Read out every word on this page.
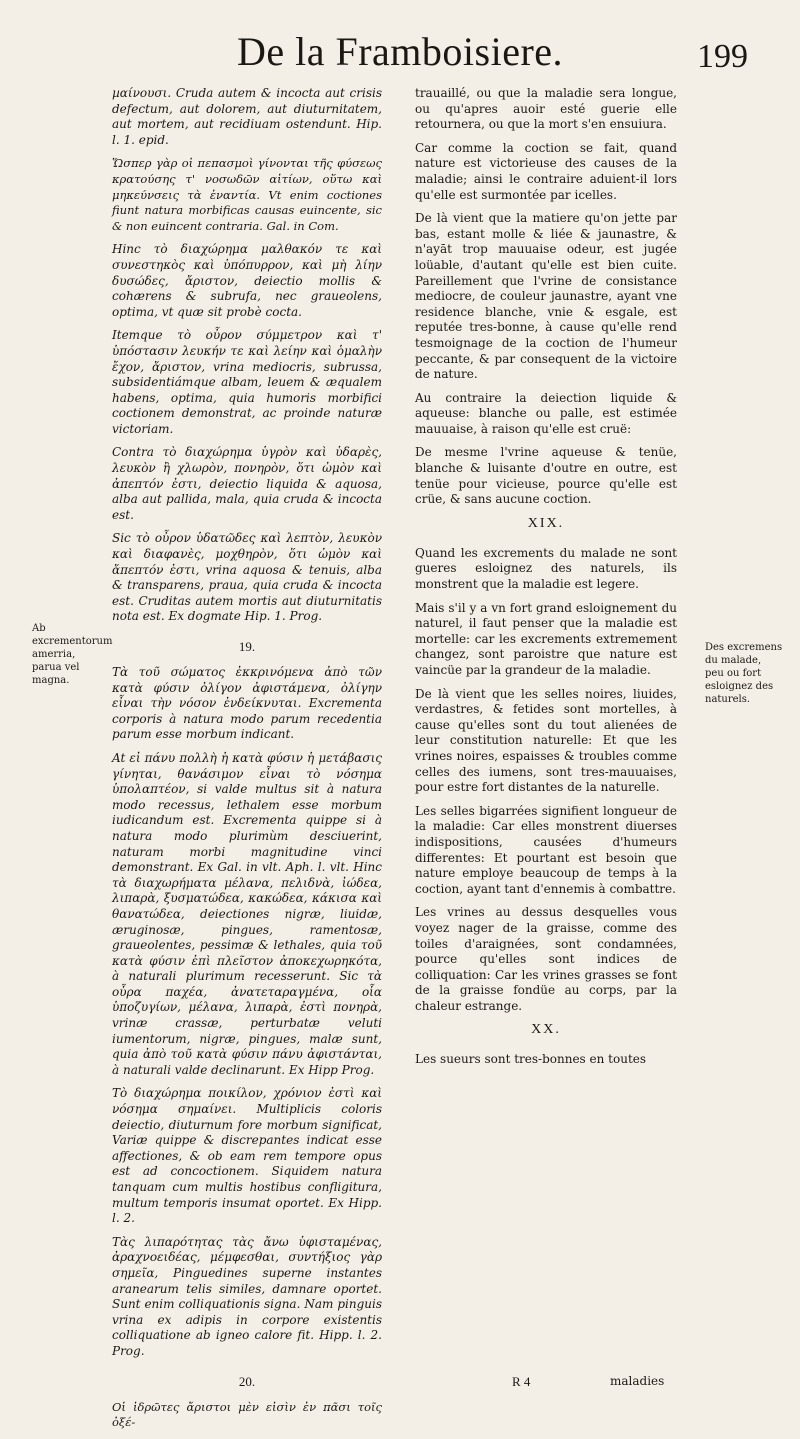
De la Framboisiere.	199
Ab excrementorum amerria, parua vel magna.

µαίνουσι. Cruda autem & incocta aut crisis defectum, aut dolorem, aut diuturnitatem, aut mortem, aut recidiuam ostendunt. Hip. l. 1. epid.

Ὥσπερ γὰρ οἱ πεπασμοὶ γίνονται τῆς φύσεως κρατούσης τ' νοσωδῶν αἰτίων, οὕτω καὶ μηκεύνσεις τὰ ἐναντία. Vt enim coctiones fiunt natura morbificas causas euincente, sic & non euincent contraria. Gal. in Com.

Hinc τὸ διαχώρημα μαλθακόν τε καὶ συνεστηκὸς καὶ ὑπόπυρρον, καὶ μὴ λίην δυσώδες, ἄριστον, deiectio mollis & cohærens & subrufa, nec graueolens, optima, vt quæ sit probè cocta.

Itemque τὸ οὖρον σύμμετρον καὶ τ' ὑπόστασιν λευκήν τε καὶ λείην καὶ ὁμαλὴν ἔχον, ἄριστον, vrina mediocris, subrussa, subsidentiámque albam, leuem & æqualem habens, optima, quia humoris morbifici coctionem demonstrat, ac proinde naturæ victoriam.

Contra τὸ διαχώρημα ὑγρὸν καὶ ὑδαρὲς, λευκὸν ἢ χλωρὸν, πονηρὸν, ὅτι ὠμὸν καὶ ἀπεπτόν ἐστι, deiectio liquida & aquosa, alba aut pallida, mala, quia cruda & incocta est.

Sic τὸ οὖρον ὑδατῶδες καὶ λεπτὸν, λευκὸν καὶ διαφανὲς, μοχθηρὸν, ὅτι ὠμὸν καὶ ἄπεπτόν ἐστι, vrina aquosa & tenuis, alba & transparens, praua, quia cruda & incocta est. Cruditas autem mortis aut diuturnitatis nota est. Ex dogmate Hip. 1. Prog.

19.

Τὰ τοῦ σώματος ἐκκρινόμενα ἀπὸ τῶν κατὰ φύσιν ὀλίγον ἀφιστάμενα, ὀλίγην εἶναι τὴν νόσον ἐνδείκνυται. Excrementa corporis à natura modo parum recedentia parum esse morbum indicant.

At εἰ πάνυ πολλὴ ἡ κατὰ φύσιν ἡ μετάβασις γίνηται, θανάσιμον εἶναι τὸ νόσημα ὑπολαπτέον, si valde multus sit à natura modo recessus, lethalem esse morbum iudicandum est. Excrementa quippe si à natura modo plurimùm desciuerint, naturam morbi magnitudine vinci demonstrant. Ex Gal. in vlt. Aph. l. vlt. Hinc τὰ διαχωρήματα μέλανα, πελιδνὰ, ἰώδεα, λιπαρὰ, ξυσματώδεα, κακώδεα, κάκισα καὶ θανατώδεα, deiectiones nigræ, liuidæ, æruginosæ, pingues, ramentosæ, graueolentes, pessimæ & lethales, quia τοῦ κατὰ φύσιν ἐπὶ πλεῖστον ἀποκεχωρηκότα, à naturali plurimum recesserunt. Sic τὰ οὖρα παχέα, ἀνατεταραγμένα, οἷα ὑποζυγίων, μέλανα, λιπαρὰ, ἐστὶ πονηρὰ, vrinæ crassæ, perturbatæ veluti iumentorum, nigræ, pingues, malæ sunt, quia ἀπὸ τοῦ κατὰ φύσιν πάνυ ἀφιστάνται, à naturali valde declinarunt. Ex Hipp Prog.

Τὸ διαχώρημα ποικίλον, χρόνιον ἐστὶ καὶ νόσημα σημαίνει. Multiplicis coloris deiectio, diuturnum fore morbum significat, Variæ quippe & discrepantes indicat esse affectiones, & ob eam rem tempore opus est ad concoctionem. Siquidem natura tanquam cum multis hostibus confligitura, multum temporis insumat oportet. Ex Hipp. l. 2.

Τὰς λιπαρότητας τὰς ἄνω ὑφισταμένας, ἀραχνοειδέας, μέμφεσθαι, συντήξιος γὰρ σημεῖα, Pinguedines superne instantes aranearum telis similes, damnare oportet. Sunt enim colliquationis signa. Nam pinguis vrina ex adipis in corpore existentis colliquatione ab igneo calore fit. Hipp. l. 2. Prog.

20.

Οἱ ἱδρῶτες ἄριστοι μὲν εἰσὶν ἐν πᾶσι τοῖς ὀξέ-

trauaillé, ou que la maladie sera longue, ou qu'apres auoir esté guerie elle retournera, ou que la mort s'en ensuiura.

Car comme la coction se fait, quand nature est victorieuse des causes de la maladie; ainsi le contraire aduient-il lors qu'elle est surmontée par icelles.

De là vient que la matiere qu'on jette par bas, estant molle & liée & jaunastre, & n'ayāt trop mauuaise odeur, est jugée loüable, d'autant qu'elle est bien cuite. Pareillement que l'vrine de consistance mediocre, de couleur jaunastre, ayant vne residence blanche, vnie & esgale, est reputée tres-bonne, à cause qu'elle rend tesmoignage de la coction de l'humeur peccante, & par consequent de la victoire de nature.

Au contraire la deiection liquide & aqueuse: blanche ou palle, est estimée mauuaise, à raison qu'elle est cruë:

De mesme l'vrine aqueuse & tenüe, blanche & luisante d'outre en outre, est tenüe pour vicieuse, pource qu'elle est crüe, & sans aucune coction.

XIX.

Quand les excrements du malade ne sont gueres esloignez des naturels, ils monstrent que la maladie est legere.

Mais s'il y a vn fort grand esloignement du naturel, il faut penser que la maladie est mortelle: car les excrements extremement changez, sont paroistre que nature est vaincüe par la grandeur de la maladie.

De là vient que les selles noires, liuides, verdastres, & fetides sont mortelles, à cause qu'elles sont du tout alienées de leur constitution naturelle: Et que les vrines noires, espaisses & troubles comme celles des iumens, sont tres-mauuaises, pour estre fort distantes de la naturelle.

Les selles bigarrées signifient longueur de la maladie: Car elles monstrent diuerses indispositions, causées d'humeurs differentes: Et pourtant est besoin que nature employe beaucoup de temps à la coction, ayant tant d'ennemis à combattre.

Les vrines au dessus desquelles vous voyez nager de la graisse, comme des toiles d'araignées, sont condamnées, pource qu'elles sont indices de colliquation: Car les vrines grasses se font de la graisse fondüe au corps, par la chaleur estrange.

XX.

Les sueurs sont tres-bonnes en toutes

Des excremens du malade, peu ou fort esloignez des naturels.
R 4	maladies
